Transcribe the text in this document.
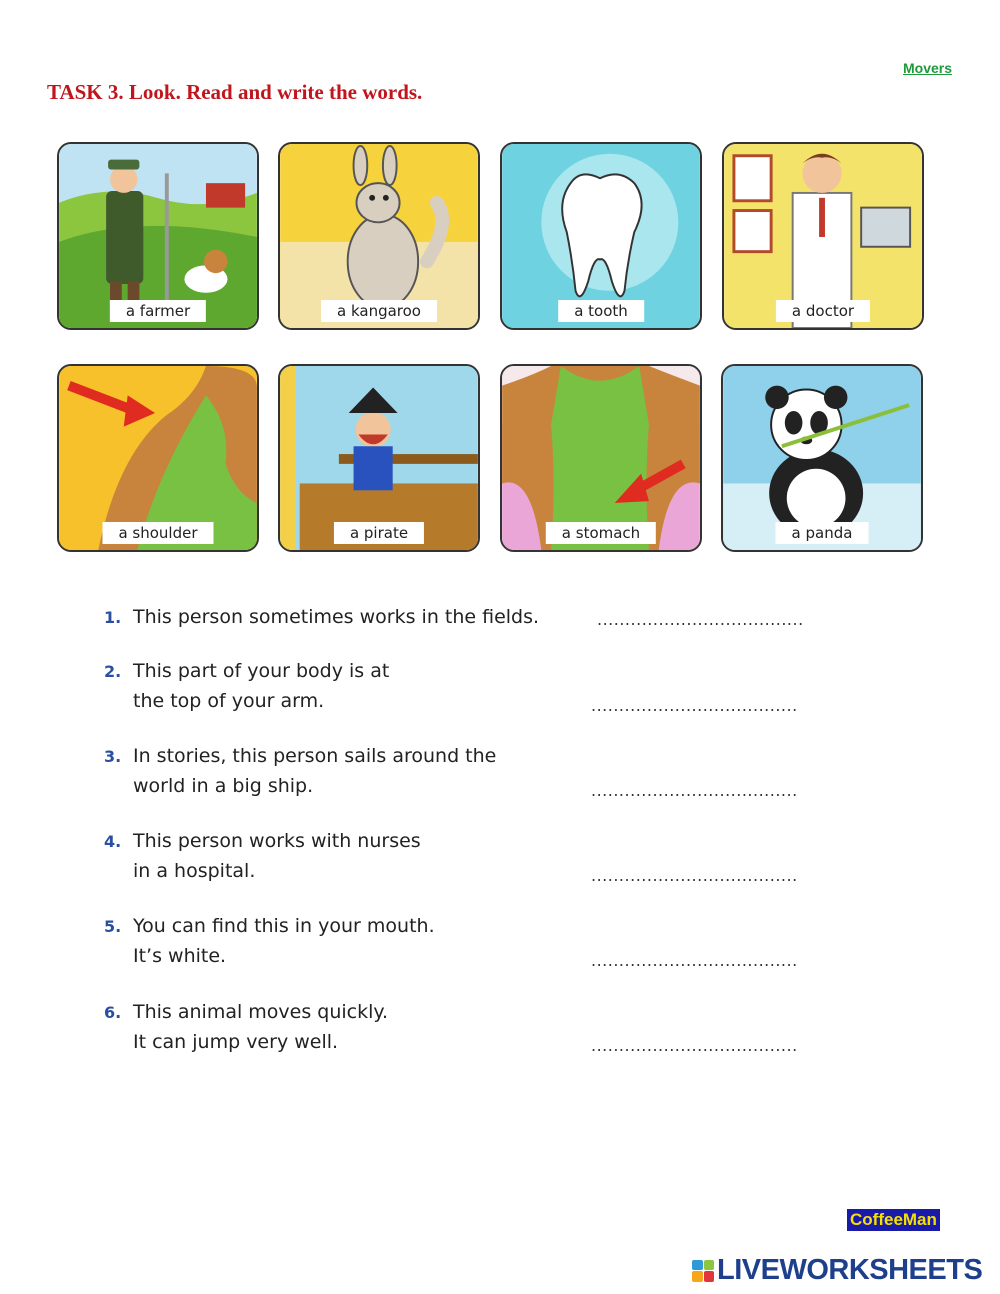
Movers
TASK 3. Look. Read and write the words.
a farmer	a kangaroo	a tooth	a doctor
a shoulder	a pirate	a stomach	a panda
1. This person sometimes works in the fields.	.....................................
2. This part of your body is at
the top of your arm.	.....................................
3. In stories, this person sails around the
world in a big ship.	.....................................
4. This person works with nurses
in a hospital.	.....................................
5. You can find this in your mouth.
It’s white.	.....................................
6. This animal moves quickly.
It can jump very well.	.....................................
CoffeeMan
LIVEWORKSHEETS
